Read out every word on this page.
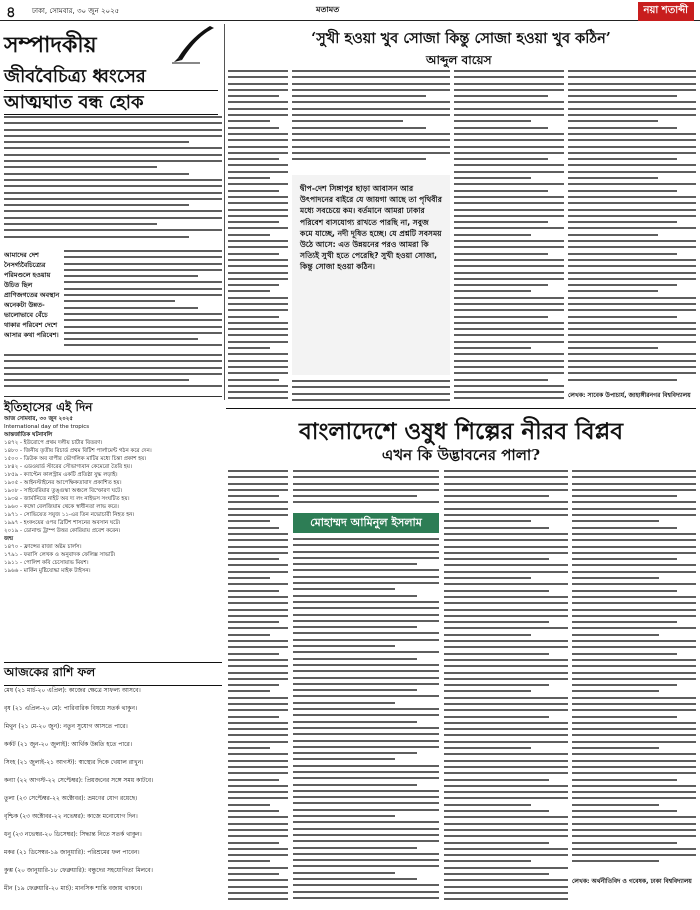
৪ ঢাকা, সোমবার, ৩০ জুন ২০২৫	মতামত	নয়া শতাব্দী
সম্পাদকীয়
জীববৈচিত্র্য ধ্বংসের
আত্মঘাত বন্ধ হোক
আমাদের দেশ নৈসর্গ্যবৈচিত্র্যের পরিমণ্ডলে হওয়ায় উচিত ছিল প্রাণিজগতের অবস্থান অনেকটা উন্নত-ভালোভাবে বেঁচে থাকার পরিবেশ দেশে আসার কথা পরিবেশ।
ইতিহাসের এই দিন
আজ সোমবার, ৩০ জুন ২০২৫
International day of the tropics
আন্তর্জাতিক ঘটনাবলি
১৪৭২ - ইউরোপে প্রথম দলীয় চার্টার বিতরণ।
১৪৮০ - জিনীয় তৃতীয় রিচার্ড প্রথম বিটিশ পার্লামেন্ট গঠন করে দেন।
১৫০০ - ডিউক অব বাপীর ভৌগলিক মাটির মধ্যে চিন্তা প্রকাশ হয়।
১৮৪২ - এডওয়ার্ড স্টারের সৌভাগ্যবান কেমেরো তৈরি হয়।
১৮৫৯ - ক্যাপ্টেন কালস্ট্রাম একটি প্রতিষ্ঠা যুদ্ধ লড়াই।
১৯০৫ - আইনস্টাইনের আপেক্ষিকতাবাদ প্রকাশিত হয়।
১৯০৮ - সাইবেরিয়ার তুঙ্গুস্কা অঞ্চলে বিস্ফোরণ ঘটে।
১৯৩৪ - জার্মানিতে নাইট অব দ্য লং নাইভস সংঘটিত হয়।
১৯৬০ - কঙ্গো বেলজিয়াম থেকে স্বাধীনতা লাভ করে।
১৯৭১ - সোভিয়েত সয়ুজ ১১-এর তিন নভোচারী নিহত হন।
১৯৯৭ - হংকংয়ের ওপর ব্রিটিশ শাসনের অবসান ঘটে।
২০১৯ - ডোনাল্ড ট্রাম্প উত্তর কোরিয়ায় প্রবেশ করেন।
জন্ম
১৪৭০ - ফ্রান্সের রাজা অষ্টম চার্লস।
১৭৯১ - ফরাসি লেখক ও অনুবাদক ফেলিক্স সাভার্ট।
১৯১১ - পোলিশ কবি চেসোয়াভ মিয়শ।
১৯৬৬ - মার্কিন মুষ্টিযোদ্ধা মাইক টাইসন।
আজকের রাশি ফল
মেষ (২১ মার্চ-২০ এপ্রিল): কাজের ক্ষেত্রে সাফল্য আসবে।
বৃষ (২১ এপ্রিল-২০ মে): পারিবারিক বিষয়ে সতর্ক থাকুন।
মিথুন (২১ মে-২০ জুন): নতুন সুযোগ আসতে পারে।
কর্কট (২১ জুন-২০ জুলাই): আর্থিক উন্নতি হতে পারে।
সিংহ (২১ জুলাই-২১ আগস্ট): স্বাস্থ্যের দিকে খেয়াল রাখুন।
কন্যা (২২ আগস্ট-২২ সেপ্টেম্বর): প্রিয়জনের সঙ্গে সময় কাটবে।
তুলা (২৩ সেপ্টেম্বর-২২ অক্টোবর): ভ্রমণের যোগ রয়েছে।
বৃশ্চিক (২৩ অক্টোবর-২২ নভেম্বর): কাজে মনোযোগ দিন।
ধনু (২৩ নভেম্বর-২০ ডিসেম্বর): সিদ্ধান্ত নিতে সতর্ক থাকুন।
মকর (২১ ডিসেম্বর-১৯ জানুয়ারি): পরিশ্রমের ফল পাবেন।
কুম্ভ (২০ জানুয়ারি-১৮ ফেব্রুয়ারি): বন্ধুদের সহযোগিতা মিলবে।
মীন (১৯ ফেব্রুয়ারি-২০ মার্চ): মানসিক শান্তি বজায় থাকবে।
‘সুখী হওয়া খুব সোজা কিন্তু সোজা হওয়া খুব কঠিন’
আব্দুল বায়েস
দ্বীপ-দেশ সিঙ্গাপুর ছাড়া আবাসন আর উৎপাদনের বাইরে যে জায়গা আছে তা পৃথিবীর মধ্যে সবচেয়ে কম। বর্তমানে আমরা ঢাকার পরিবেশ বাসযোগ্য রাখতে পারছি না, সবুজ কমে যাচ্ছে, নদী দূষিত হচ্ছে। যে প্রশ্নটি সবসময় উঠে আসে: এত উন্নয়নের পরও আমরা কি সত্যিই সুখী হতে পেরেছি? সুখী হওয়া সোজা, কিন্তু সোজা হওয়া কঠিন।
লেখক: সাবেক উপাচার্য, জাহাঙ্গীরনগর বিশ্ববিদ্যালয়
বাংলাদেশে ওষুধ শিল্পের নীরব বিপ্লব
এখন কি উদ্ভাবনের পালা?
মোহাম্মদ আমিনুল ইসলাম
লেখক: অর্থনীতিবিদ ও গবেষক, ঢাকা বিশ্ববিদ্যালয়
